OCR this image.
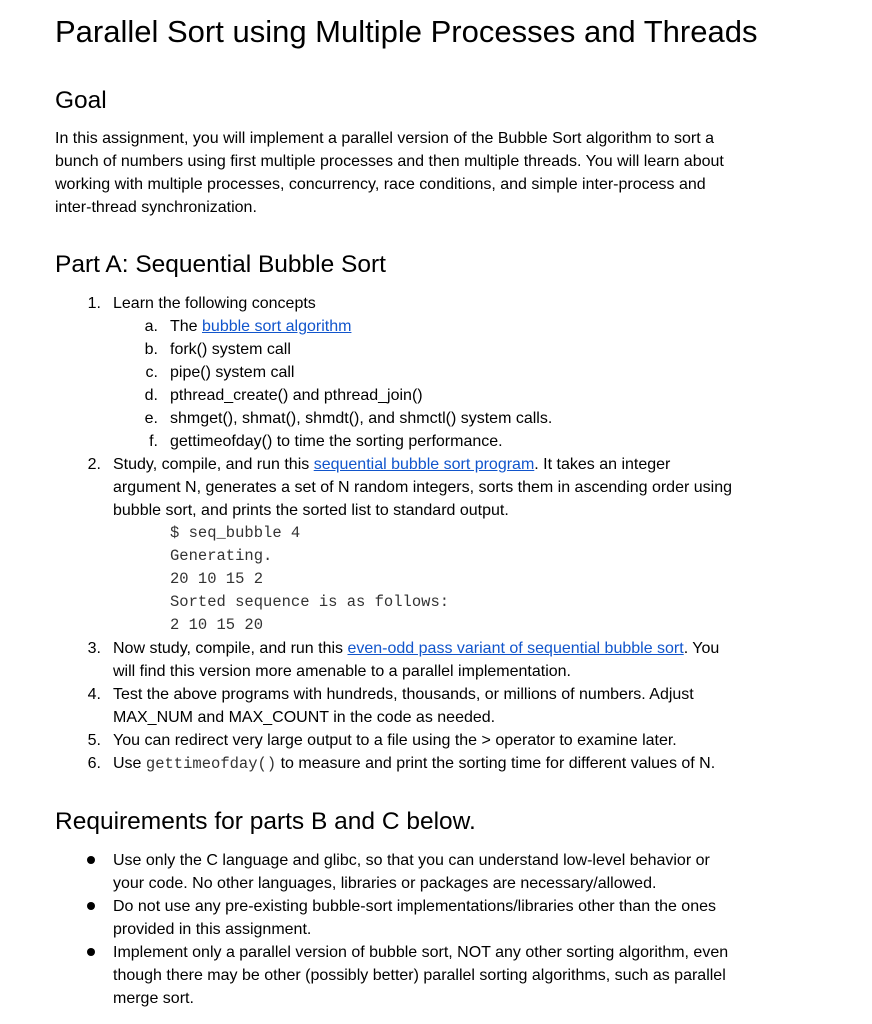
Parallel Sort using Multiple Processes and Threads
Goal
In this assignment, you will implement a parallel version of the Bubble Sort algorithm to sort a
bunch of numbers using first multiple processes and then multiple threads. You will learn about
working with multiple processes, concurrency, race conditions, and simple inter-process and
inter-thread synchronization.
Part A: Sequential Bubble Sort
1. Learn the following concepts
a. The bubble sort algorithm
b. fork() system call
c. pipe() system call
d. pthread_create() and pthread_join()
e. shmget(), shmat(), shmdt(), and shmctl() system calls.
f. gettimeofday() to time the sorting performance.
2. Study, compile, and run this sequential bubble sort program. It takes an integer
argument N, generates a set of N random integers, sorts them in ascending order using
bubble sort, and prints the sorted list to standard output.
$ seq_bubble 4
Generating.
20 10 15 2
Sorted sequence is as follows:
2 10 15 20
3. Now study, compile, and run this even-odd pass variant of sequential bubble sort. You
will find this version more amenable to a parallel implementation.
4. Test the above programs with hundreds, thousands, or millions of numbers. Adjust
MAX_NUM and MAX_COUNT in the code as needed.
5. You can redirect very large output to a file using the > operator to examine later.
6. Use gettimeofday() to measure and print the sorting time for different values of N.
Requirements for parts B and C below.
Use only the C language and glibc, so that you can understand low-level behavior or
your code. No other languages, libraries or packages are necessary/allowed.
Do not use any pre-existing bubble-sort implementations/libraries other than the ones
provided in this assignment.
Implement only a parallel version of bubble sort, NOT any other sorting algorithm, even
though there may be other (possibly better) parallel sorting algorithms, such as parallel
merge sort.
